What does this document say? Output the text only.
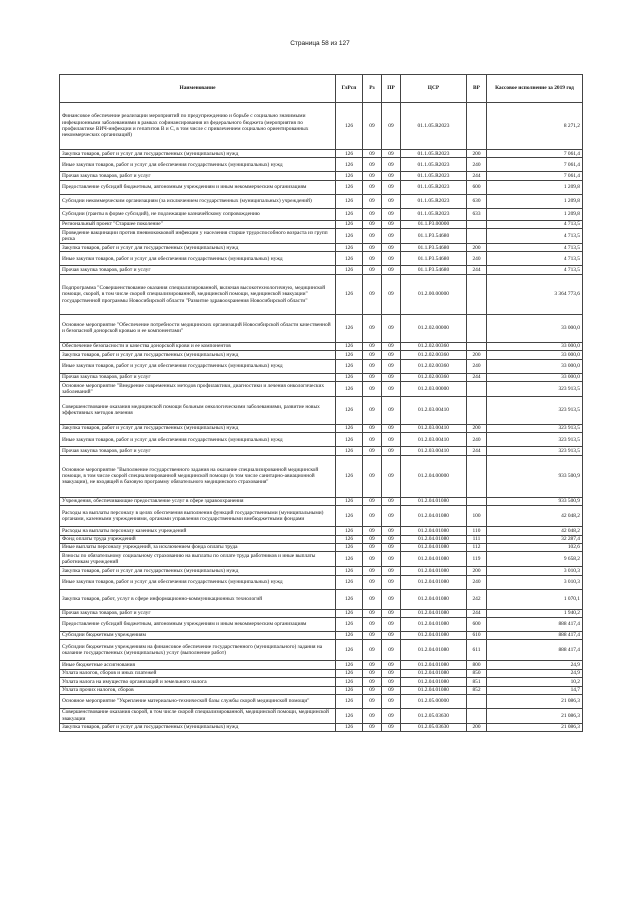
Страница 58 из 127
Наименование	ГлРсп	Рз	ПР	ЦСР	ВР	Кассовое исполнение за 2019 год
Финансовое обеспечение реализации мероприятий по предупреждению и борьбе с социально значимыми инфекционными заболеваниями в рамках софинансирования из федерального бюджета (мероприятия по профилактике ВИЧ-инфекции и гепатитов В и С, в том числе с привлечением социально ориентированных некоммерческих организаций)	126	09	09	01.1.05.R2023		8 271,2
Закупка товаров, работ и услуг для государственных (муниципальных) нужд	126	09	09	01.1.05.R2023	200	7 061,4
Иные закупки товаров, работ и услуг для обеспечения государственных (муниципальных) нужд	126	09	09	01.1.05.R2023	240	7 061,4
Прочая закупка товаров, работ и услуг	126	09	09	01.1.05.R2023	244	7 061,4
Предоставление субсидий бюджетным, автономным учреждениям и иным некоммерческим организациям	126	09	09	01.1.05.R2023	600	1 209,8
Субсидии некоммерческим организациям (за исключением государственных (муниципальных) учреждений)	126	09	09	01.1.05.R2023	630	1 209,8
Субсидии (гранты в форме субсидий), не подлежащие казначейскому сопровождению	126	09	09	01.1.05.R2023	633	1 209,8
Региональный проект "Старшее поколение"	126	09	09	01.1.P3.00000		4 713,5
Проведение вакцинации против пневмококковой инфекции у населения старше трудоспособного возраста из групп риска	126	09	09	01.1.P3.54680		4 713,5
Закупка товаров, работ и услуг для государственных (муниципальных) нужд	126	09	09	01.1.P3.54680	200	4 713,5
Иные закупки товаров, работ и услуг для обеспечения государственных (муниципальных) нужд	126	09	09	01.1.P3.54680	240	4 713,5
Прочая закупка товаров, работ и услуг	126	09	09	01.1.P3.54680	244	4 713,5
Подпрограмма "Совершенствование оказания специализированной, включая высокотехнологичную, медицинской помощи, скорой, в том числе скорой специализированной, медицинской помощи, медицинской эвакуации" государственной программы Новосибирской области "Развитие здравоохранения Новосибирской области"	126	09	09	01.2.00.00000		3 364 773,6
Основное мероприятие "Обеспечение потребности медицинских организаций Новосибирской области качественной и безопасной донорской кровью и ее компонентами"	126	09	09	01.2.02.00000		33 000,0
Обеспечение безопасности и качества донорской крови и ее компонентов	126	09	09	01.2.02.00360		33 000,0
Закупка товаров, работ и услуг для государственных (муниципальных) нужд	126	09	09	01.2.02.00360	200	33 000,0
Иные закупки товаров, работ и услуг для обеспечения государственных (муниципальных) нужд	126	09	09	01.2.02.00360	240	33 000,0
Прочая закупка товаров, работ и услуг	126	09	09	01.2.02.00360	244	33 000,0
Основное мероприятие "Внедрение современных методов профилактики, диагностики и лечения онкологических заболеваний"	126	09	09	01.2.03.00000		323 913,5
Совершенствование оказания медицинской помощи больным онкологическими заболеваниями, развитие новых эффективных методов лечения	126	09	09	01.2.03.00410		323 913,5
Закупка товаров, работ и услуг для государственных (муниципальных) нужд	126	09	09	01.2.03.00410	200	323 913,5
Иные закупки товаров, работ и услуг для обеспечения государственных (муниципальных) нужд	126	09	09	01.2.03.00410	240	323 913,5
Прочая закупка товаров, работ и услуг	126	09	09	01.2.03.00410	244	323 913,5
Основное мероприятие "Выполнение государственного задания на оказание специализированной медицинской помощи, в том числе скорой специализированной медицинской помощи (в том числе санитарно-авиационной эвакуации), не входящей в базовую программу обязательного медицинского страхования"	126	09	09	01.2.04.00000		933 500,9
Учреждения, обеспечивающие предоставление услуг в сфере здравоохранения	126	09	09	01.2.04.01080		933 500,9
Расходы на выплаты персоналу в целях обеспечения выполнения функций государственными (муниципальными) органами, казенными учреждениями, органами управления государственными внебюджетными фондами	126	09	09	01.2.04.01080	100	42 048,2
Расходы на выплаты персоналу казенных учреждений	126	09	09	01.2.04.01080	110	42 048,2
Фонд оплаты труда учреждений	126	09	09	01.2.04.01080	111	32 287,4
Иные выплаты персоналу учреждений, за исключением фонда оплаты труда	126	09	09	01.2.04.01080	112	102,6
Взносы по обязательному социальному страхованию на выплаты по оплате труда работников и иные выплаты работникам учреждений	126	09	09	01.2.04.01080	119	9 658,2
Закупка товаров, работ и услуг для государственных (муниципальных) нужд	126	09	09	01.2.04.01080	200	3 010,3
Иные закупки товаров, работ и услуг для обеспечения государственных (муниципальных) нужд	126	09	09	01.2.04.01080	240	3 010,3
Закупка товаров, работ, услуг в сфере информационно-коммуникационных технологий	126	09	09	01.2.04.01080	242	1 070,1
Прочая закупка товаров, работ и услуг	126	09	09	01.2.04.01080	244	1 940,2
Предоставление субсидий бюджетным, автономным учреждениям и иным некоммерческим организациям	126	09	09	01.2.04.01080	600	888 417,4
Субсидии бюджетным учреждениям	126	09	09	01.2.04.01080	610	888 417,4
Субсидии бюджетным учреждениям на финансовое обеспечение государственного (муниципального) задания на оказание государственных (муниципальных) услуг (выполнение работ)	126	09	09	01.2.04.01080	611	888 417,4
Иные бюджетные ассигнования	126	09	09	01.2.04.01080	800	24,9
Уплата налогов, сборов и иных платежей	126	09	09	01.2.04.01080	850	24,9
Уплата налога на имущество организаций и земельного налога	126	09	09	01.2.04.01080	851	10,2
Уплата прочих налогов, сборов	126	09	09	01.2.04.01080	852	14,7
Основное мероприятие "Укрепление материально-технической базы службы скорой медицинской помощи"	126	09	09	01.2.05.00000		21 086,3
Совершенствование оказания скорой, в том числе скорой специализированной, медицинской помощи, медицинской эвакуации	126	09	09	01.2.05.03630		21 086,3
Закупка товаров, работ и услуг для государственных (муниципальных) нужд	126	09	09	01.2.05.03630	200	21 086,3
